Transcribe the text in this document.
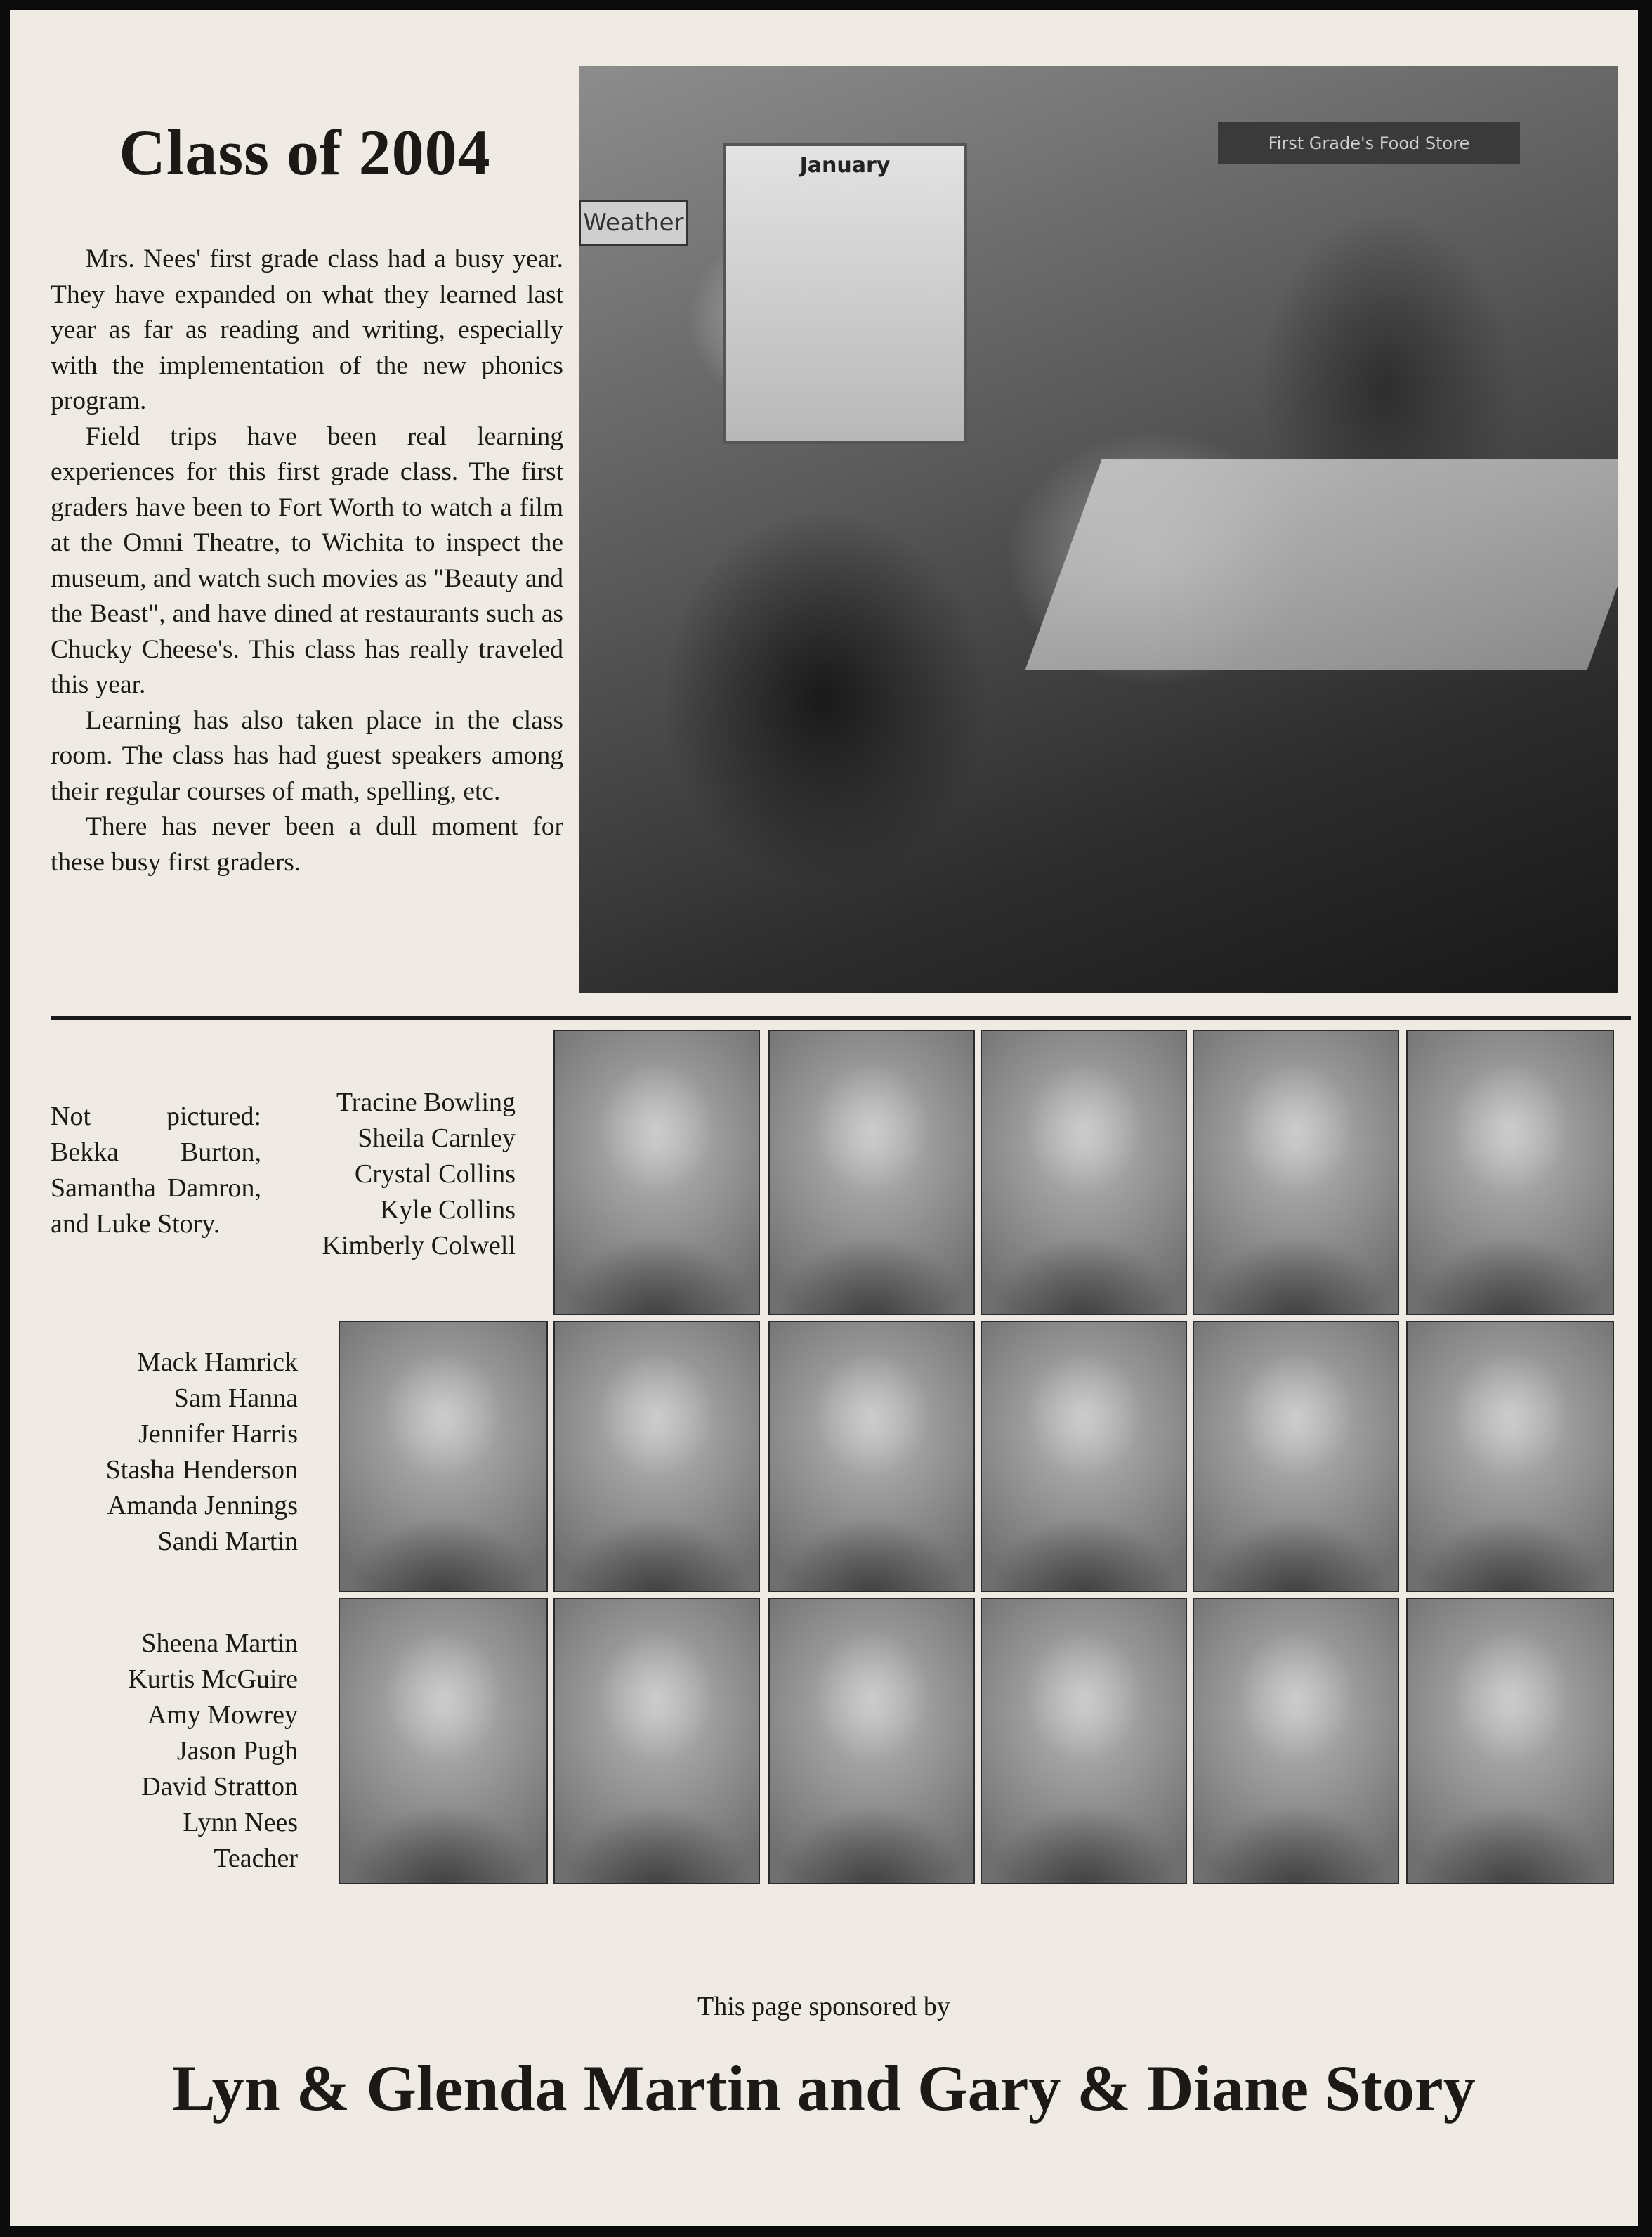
Class of 2004

Mrs. Nees' first grade class had a busy year. They have expanded on what they learned last year as far as reading and writing, especially with the implementation of the new phonics program.

Field trips have been real learning experiences for this first grade class. The first graders have been to Fort Worth to watch a film at the Omni Theatre, to Wichita to inspect the museum, and watch such movies as "Beauty and the Beast", and have dined at restaurants such as Chucky Cheese's. This class has really traveled this year.

Learning has also taken place in the class room. The class has had guest speakers among their regular courses of math, spelling, etc.

There has never been a dull moment for these busy first graders.

Weather
January
First Grade's Food Store

Not pictured: Bekka Burton, Samantha Damron, and Luke Story.

Tracine Bowling
Sheila Carnley
Crystal Collins
Kyle Collins
Kimberly Colwell
Mack Hamrick
Sam Hanna
Jennifer Harris
Stasha Henderson
Amanda Jennings
Sandi Martin
Sheena Martin
Kurtis McGuire
Amy Mowrey
Jason Pugh
David Stratton
Lynn Nees
Teacher

This page sponsored by

Lyn & Glenda Martin and Gary & Diane Story
